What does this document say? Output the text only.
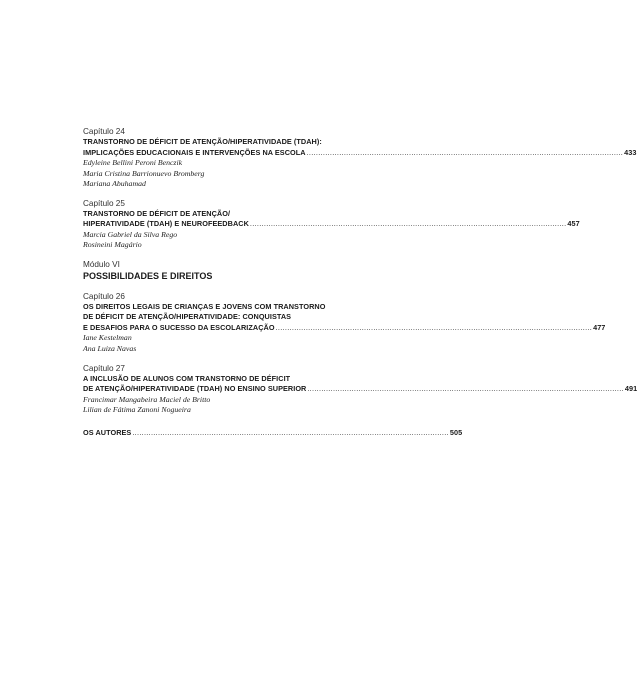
Capítulo 24
TRANSTORNO DE DÉFICIT DE ATENÇÃO/HIPERATIVIDADE (TDAH):
IMPLICAÇÕES EDUCACIONAIS E INTERVENÇÕES NA ESCOLA ........................................................................................................................................ 433
Edyleine Bellini Peroni Benczik
Maria Cristina Barrionuevo Bromberg
Mariana Abuhamad
Capítulo 25
TRANSTORNO DE DÉFICIT DE ATENÇÃO/
HIPERATIVIDADE (TDAH) E NEUROFEEDBACK ........................................................................................................................................ 457
Marcia Gabriel da Silva Rego
Rosineini Magário
Módulo VI
POSSIBILIDADES E DIREITOS
Capítulo 26
OS DIREITOS LEGAIS DE CRIANÇAS E JOVENS COM TRANSTORNO
DE DÉFICIT DE ATENÇÃO/HIPERATIVIDADE: CONQUISTAS
E DESAFIOS PARA O SUCESSO DA ESCOLARIZAÇÃO ........................................................................................................................................ 477
Iane Kestelman
Ana Luiza Navas
Capítulo 27
A INCLUSÃO DE ALUNOS COM TRANSTORNO DE DÉFICIT
DE ATENÇÃO/HIPERATIVIDADE (TDAH) NO ENSINO SUPERIOR ........................................................................................................................................ 491
Francimar Mangabeira Maciel de Britto
Lilian de Fátima Zanoni Nogueira
OS AUTORES ........................................................................................................................................ 505
